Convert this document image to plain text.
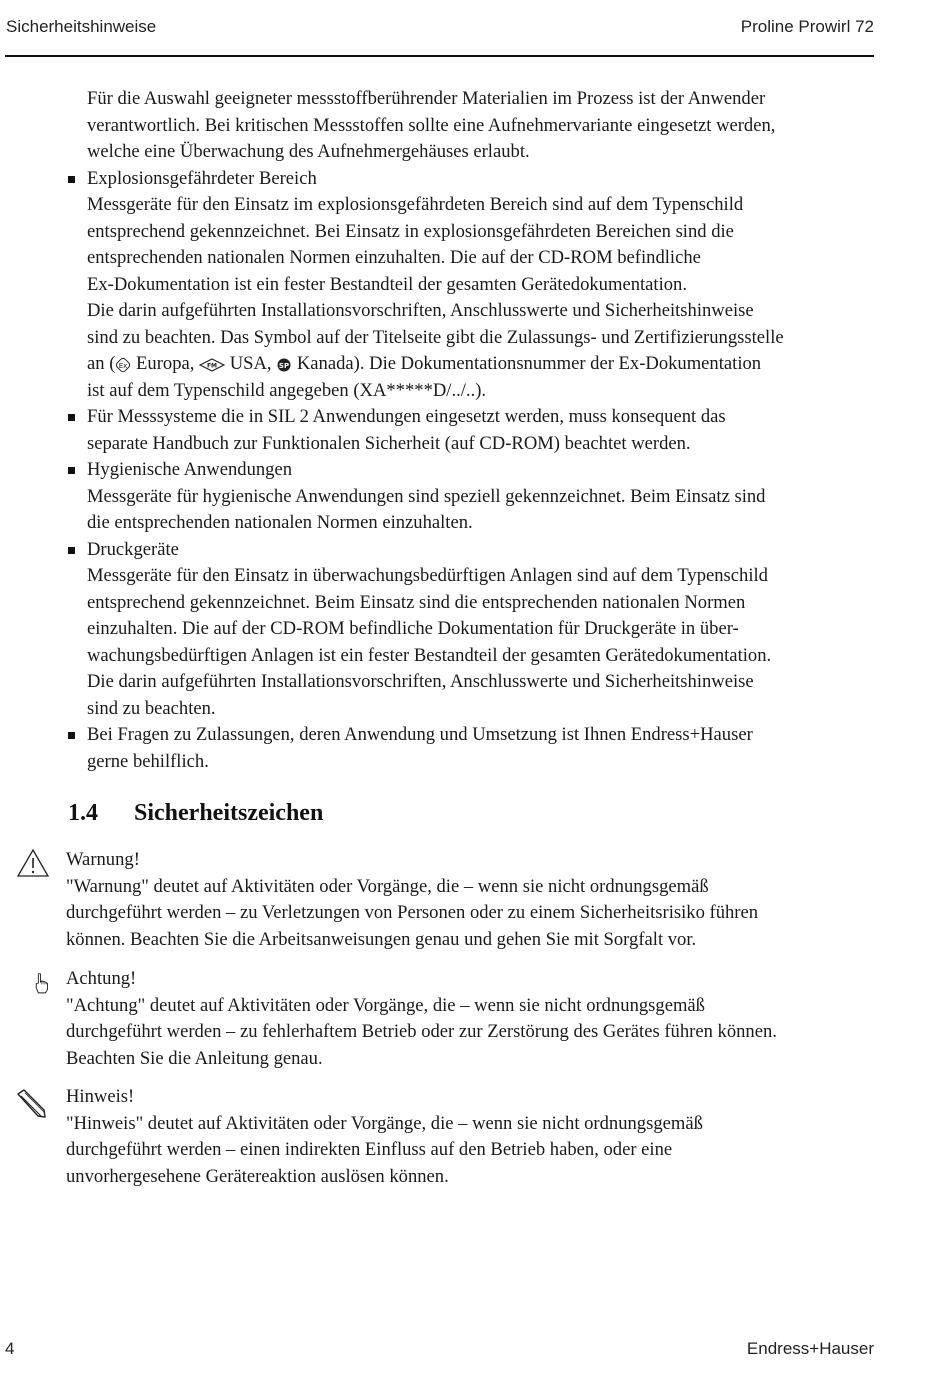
Sicherheitshinweise	Proline Prowirl 72

Für die Auswahl geeigneter messstoffberührender Materialien im Prozess ist der Anwender

verantwortlich. Bei kritischen Messstoffen sollte eine Aufnehmervariante eingesetzt werden,

welche eine Überwachung des Aufnehmergehäuses erlaubt.

Explosionsgefährdeter Bereich

Messgeräte für den Einsatz im explosionsgefährdeten Bereich sind auf dem Typenschild

entsprechend gekennzeichnet. Bei Einsatz in explosionsgefährdeten Bereichen sind die

entsprechenden nationalen Normen einzuhalten. Die auf der CD-ROM befindliche

Ex-Dokumentation ist ein fester Bestandteil der gesamten Gerätedokumentation.

Die darin aufgeführten Installationsvorschriften, Anschlusswerte und Sicherheitshinweise

sind zu beachten. Das Symbol auf der Titelseite gibt die Zulassungs- und Zertifizierungsstelle

an ( Ex Europa, FM USA, SP Kanada). Die Dokumentationsnummer der Ex-Dokumentation

ist auf dem Typenschild angegeben (XA*****D/../..).

Für Messsysteme die in SIL 2 Anwendungen eingesetzt werden, muss konsequent das

separate Handbuch zur Funktionalen Sicherheit (auf CD-ROM) beachtet werden.

Hygienische Anwendungen

Messgeräte für hygienische Anwendungen sind speziell gekennzeichnet. Beim Einsatz sind

die entsprechenden nationalen Normen einzuhalten.

Druckgeräte

Messgeräte für den Einsatz in überwachungsbedürftigen Anlagen sind auf dem Typenschild

entsprechend gekennzeichnet. Beim Einsatz sind die entsprechenden nationalen Normen

einzuhalten. Die auf der CD-ROM befindliche Dokumentation für Druckgeräte in über-

wachungsbedürftigen Anlagen ist ein fester Bestandteil der gesamten Gerätedokumentation.

Die darin aufgeführten Installationsvorschriften, Anschlusswerte und Sicherheitshinweise

sind zu beachten.

Bei Fragen zu Zulassungen, deren Anwendung und Umsetzung ist Ihnen Endress+Hauser

gerne behilflich.

1.4 Sicherheitszeichen

Warnung!

"Warnung" deutet auf Aktivitäten oder Vorgänge, die – wenn sie nicht ordnungsgemäß

durchgeführt werden – zu Verletzungen von Personen oder zu einem Sicherheitsrisiko führen

können. Beachten Sie die Arbeitsanweisungen genau und gehen Sie mit Sorgfalt vor.

Achtung!

"Achtung" deutet auf Aktivitäten oder Vorgänge, die – wenn sie nicht ordnungsgemäß

durchgeführt werden – zu fehlerhaftem Betrieb oder zur Zerstörung des Gerätes führen können.

Beachten Sie die Anleitung genau.

Hinweis!

"Hinweis" deutet auf Aktivitäten oder Vorgänge, die – wenn sie nicht ordnungsgemäß

durchgeführt werden – einen indirekten Einfluss auf den Betrieb haben, oder eine

unvorhergesehene Gerätereaktion auslösen können.

4	Endress+Hauser
